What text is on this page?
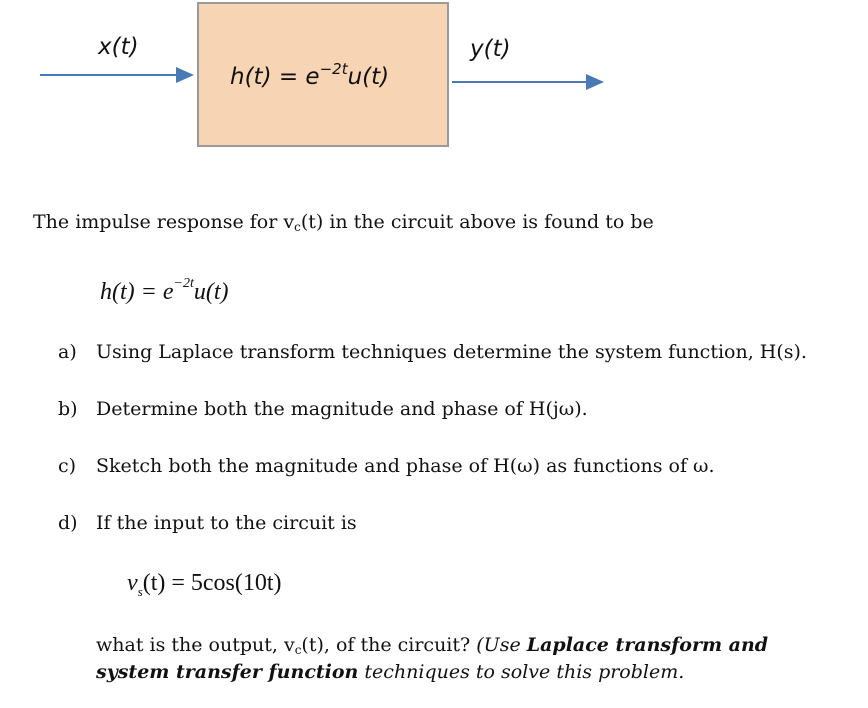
x(t)	y(t)
$h(t) = e^{-2t}u(t)$
The impulse response for $v_c(t)$ in the circuit above is found to be
$h(t) = e^{-2t}u(t)$
a) Using Laplace transform techniques determine the system function, H(s).
b) Determine both the magnitude and phase of H(jω).
c) Sketch both the magnitude and phase of H(ω) as functions of ω.
d) If the input to the circuit is
$v_s(t) = 5\cos(10t)$
what is the output, $v_c(t)$, of the circuit? (Use Laplace transform and
system transfer function techniques to solve this problem.
